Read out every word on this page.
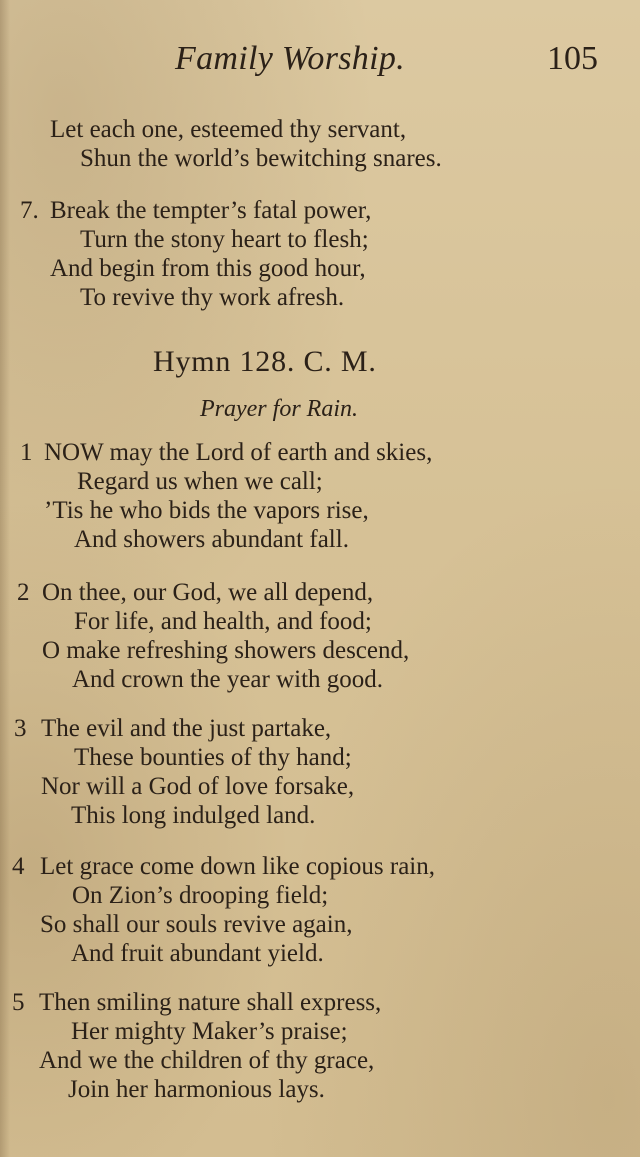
Family Worship.	105
Let each one, esteemed thy servant,
Shun the world’s bewitching snares.
7. Break the tempter’s fatal power,
Turn the stony heart to flesh;
And begin from this good hour,
To revive thy work afresh.
Hymn 128. C. M.
Prayer for Rain.
1 NOW may the Lord of earth and skies,
Regard us when we call;
’Tis he who bids the vapors rise,
And showers abundant fall.
2 On thee, our God, we all depend,
For life, and health, and food;
O make refreshing showers descend,
And crown the year with good.
3 The evil and the just partake,
These bounties of thy hand;
Nor will a God of love forsake,
This long indulged land.
4 Let grace come down like copious rain,
On Zion’s drooping field;
So shall our souls revive again,
And fruit abundant yield.
5 Then smiling nature shall express,
Her mighty Maker’s praise;
And we the children of thy grace,
Join her harmonious lays.
